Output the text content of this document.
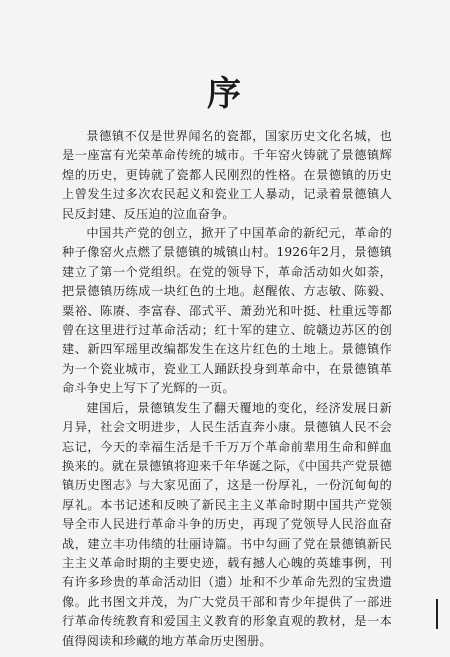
序

景德镇不仅是世界闻名的瓷都，国家历史文化名城，也是一座富有光荣革命传统的城市。千年窑火铸就了景德镇辉煌的历史，更铸就了瓷都人民刚烈的性格。在景德镇的历史上曾发生过多次农民起义和瓷业工人暴动，记录着景德镇人民反封建、反压迫的泣血奋争。

中国共产党的创立，掀开了中国革命的新纪元，革命的种子像窑火点燃了景德镇的城镇山村。1926年2月，景德镇建立了第一个党组织。在党的领导下，革命活动如火如荼，把景德镇历练成一块红色的土地。赵醒侬、方志敏、陈毅、粟裕、陈赓、李富春、邵式平、萧劲光和叶挺、杜重远等都曾在这里进行过革命活动；红十军的建立、皖赣边苏区的创建、新四军瑶里改编都发生在这片红色的土地上。景德镇作为一个瓷业城市，瓷业工人踊跃投身到革命中，在景德镇革命斗争史上写下了光辉的一页。

建国后，景德镇发生了翻天覆地的变化，经济发展日新月异，社会文明进步，人民生活直奔小康。景德镇人民不会忘记，今天的幸福生活是千千万万个革命前辈用生命和鲜血换来的。就在景德镇将迎来千年华诞之际，《中国共产党景德镇历史图志》与大家见面了，这是一份厚礼，一份沉甸甸的厚礼。本书记述和反映了新民主主义革命时期中国共产党领导全市人民进行革命斗争的历史，再现了党领导人民浴血奋战，建立丰功伟绩的壮丽诗篇。书中勾画了党在景德镇新民主主义革命时期的主要史迹，载有撼人心魄的英雄事例，刊有许多珍贵的革命活动旧（遗）址和不少革命先烈的宝贵遗像。此书图文并茂，为广大党员干部和青少年提供了一部进行革命传统教育和爱国主义教育的形象直观的教材，是一本值得阅读和珍藏的地方革命历史图册。
